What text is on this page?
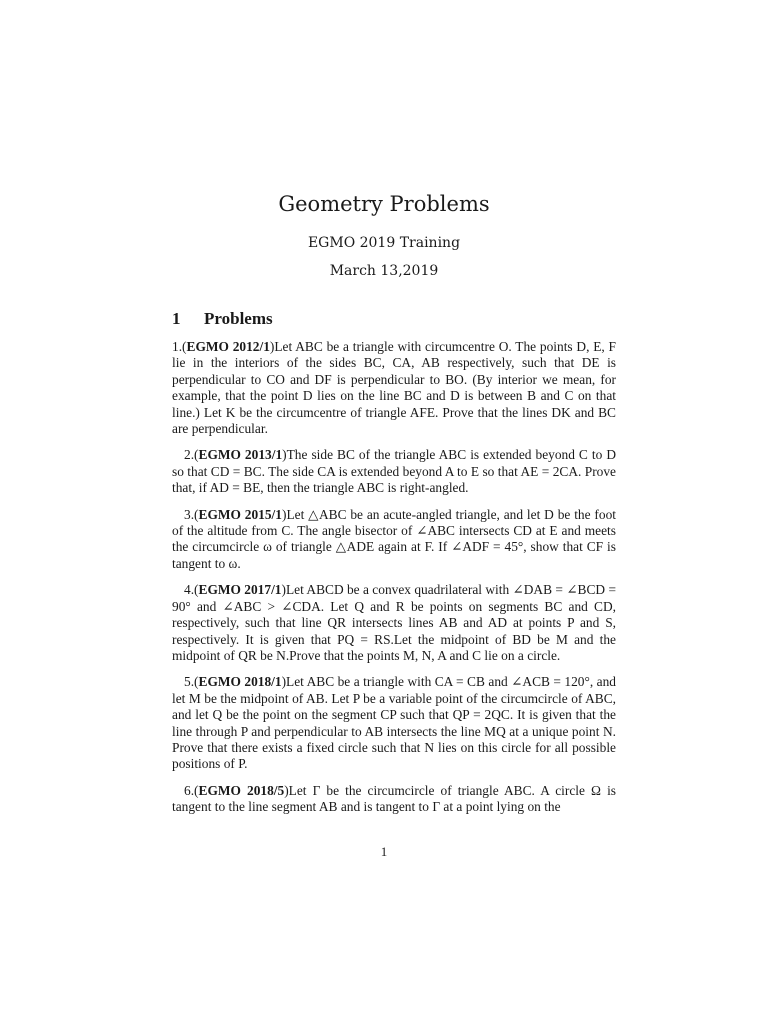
Geometry Problems
EGMO 2019 Training
March 13,2019
1 Problems

1.(EGMO 2012/1)Let ABC be a triangle with circumcentre O. The points D, E, F lie in the interiors of the sides BC, CA, AB respectively, such that DE is perpendicular to CO and DF is perpendicular to BO. (By interior we mean, for example, that the point D lies on the line BC and D is between B and C on that line.) Let K be the circumcentre of triangle AFE. Prove that the lines DK and BC are perpendicular.

2.(EGMO 2013/1)The side BC of the triangle ABC is extended beyond C to D so that CD = BC. The side CA is extended beyond A to E so that AE = 2CA. Prove that, if AD = BE, then the triangle ABC is right-angled.

3.(EGMO 2015/1)Let △ABC be an acute-angled triangle, and let D be the foot of the altitude from C. The angle bisector of ∠ABC intersects CD at E and meets the circumcircle ω of triangle △ADE again at F. If ∠ADF = 45°, show that CF is tangent to ω.

4.(EGMO 2017/1)Let ABCD be a convex quadrilateral with ∠DAB = ∠BCD = 90° and ∠ABC > ∠CDA. Let Q and R be points on segments BC and CD, respectively, such that line QR intersects lines AB and AD at points P and S, respectively. It is given that PQ = RS.Let the midpoint of BD be M and the midpoint of QR be N.Prove that the points M, N, A and C lie on a circle.

5.(EGMO 2018/1)Let ABC be a triangle with CA = CB and ∠ACB = 120°, and let M be the midpoint of AB. Let P be a variable point of the circumcircle of ABC, and let Q be the point on the segment CP such that QP = 2QC. It is given that the line through P and perpendicular to AB intersects the line MQ at a unique point N. Prove that there exists a fixed circle such that N lies on this circle for all possible positions of P.

6.(EGMO 2018/5)Let Γ be the circumcircle of triangle ABC. A circle Ω is tangent to the line segment AB and is tangent to Γ at a point lying on the

1
